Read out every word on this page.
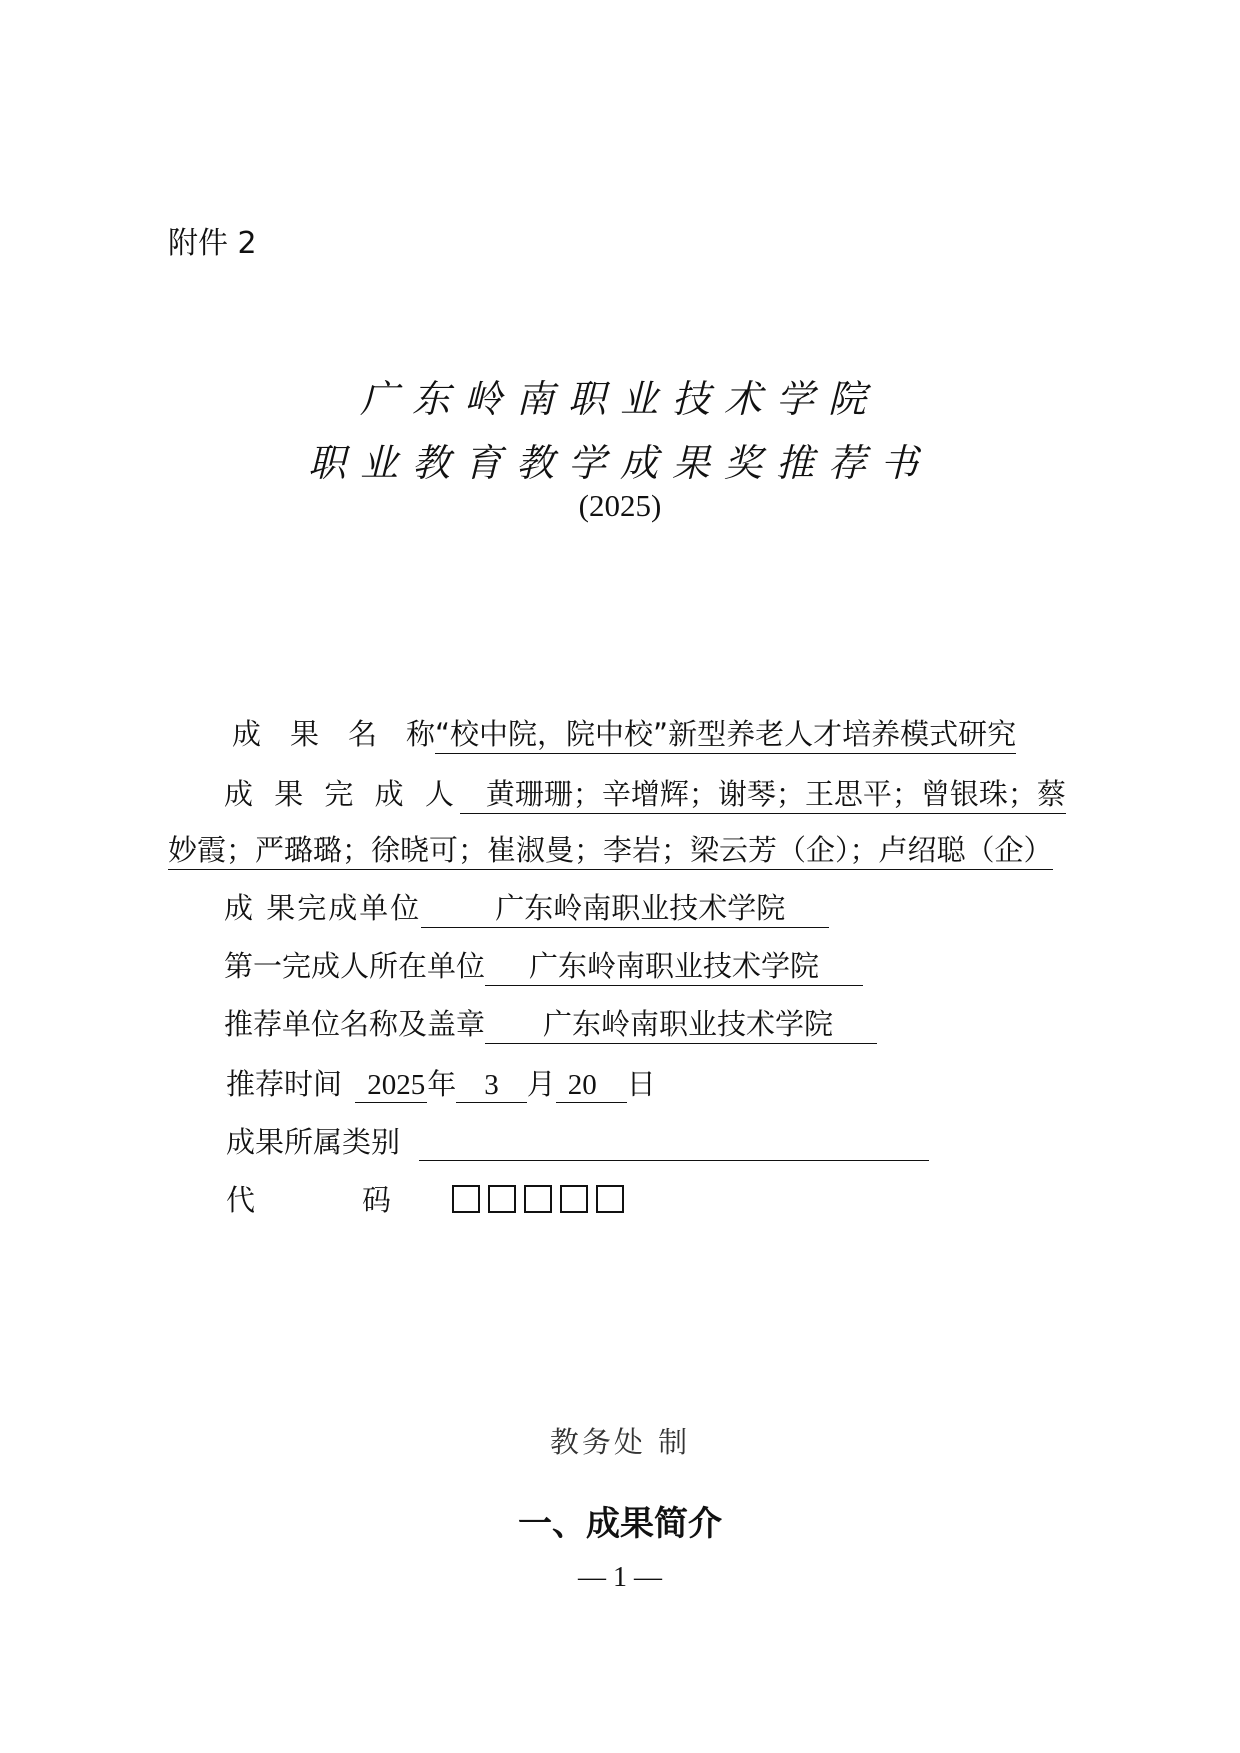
附件 2
广东岭南职业技术学院
职业教育教学成果奖推荐书
(2025)
成　果　名　称“校中院，院中校”新型养老人才培养模式研究
成 果 完 成 人 黄珊珊；辛增辉；谢琴；王思平；曾银珠；蔡
妙霞；严璐璐；徐晓可；崔淑曼；李岩；梁云芳（企）；卢绍聪（企）
成 果完成单位	广东岭南职业技术学院
第一完成人所在单位 广东岭南职业技术学院
推荐单位名称及盖章 广东岭南职业技术学院
推荐时间 2025年 3 月 20 日
成果所属类别
代	码
教务处 制
一、成果简介
— 1 —
